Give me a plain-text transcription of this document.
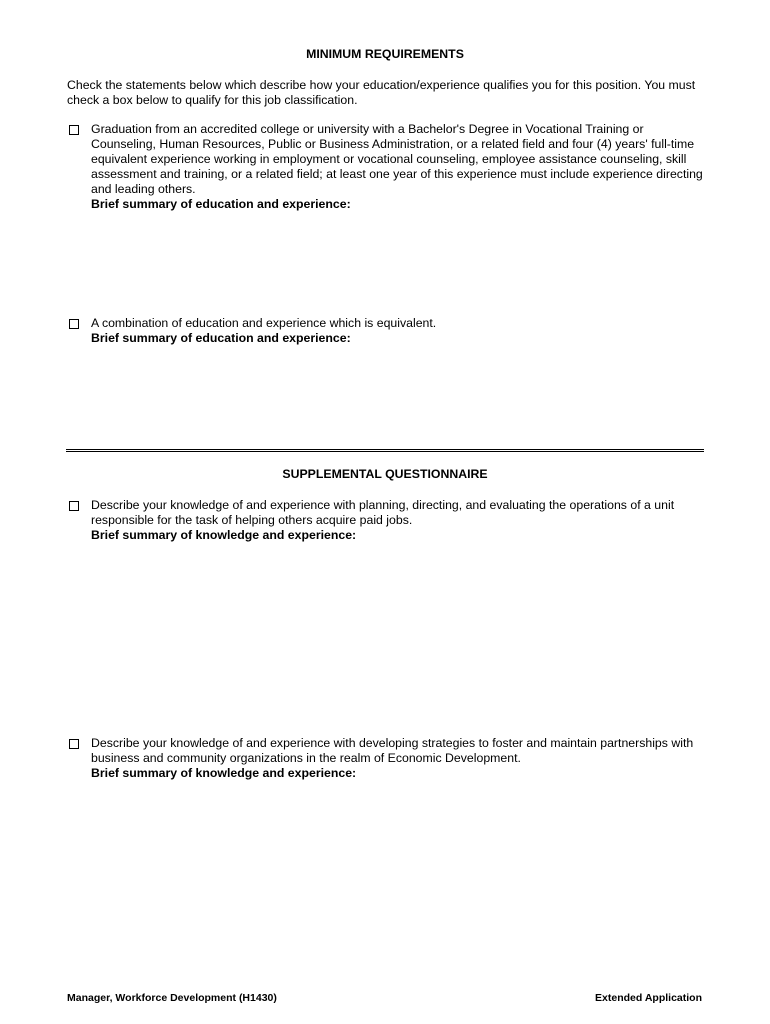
MINIMUM REQUIREMENTS
Check the statements below which describe how your education/experience qualifies you for this position. You must check a box below to qualify for this job classification.
Graduation from an accredited college or university with a Bachelor's Degree in Vocational Training or Counseling, Human Resources, Public or Business Administration, or a related field and four (4) years' full-time equivalent experience working in employment or vocational counseling, employee assistance counseling, skill assessment and training, or a related field; at least one year of this experience must include experience directing and leading others.
Brief summary of education and experience:
A combination of education and experience which is equivalent.
Brief summary of education and experience:
SUPPLEMENTAL QUESTIONNAIRE
Describe your knowledge of and experience with planning, directing, and evaluating the operations of a unit responsible for the task of helping others acquire paid jobs.
Brief summary of knowledge and experience:
Describe your knowledge of and experience with developing strategies to foster and maintain partnerships with business and community organizations in the realm of Economic Development.
Brief summary of knowledge and experience:
Manager, Workforce Development (H1430)	Extended Application
